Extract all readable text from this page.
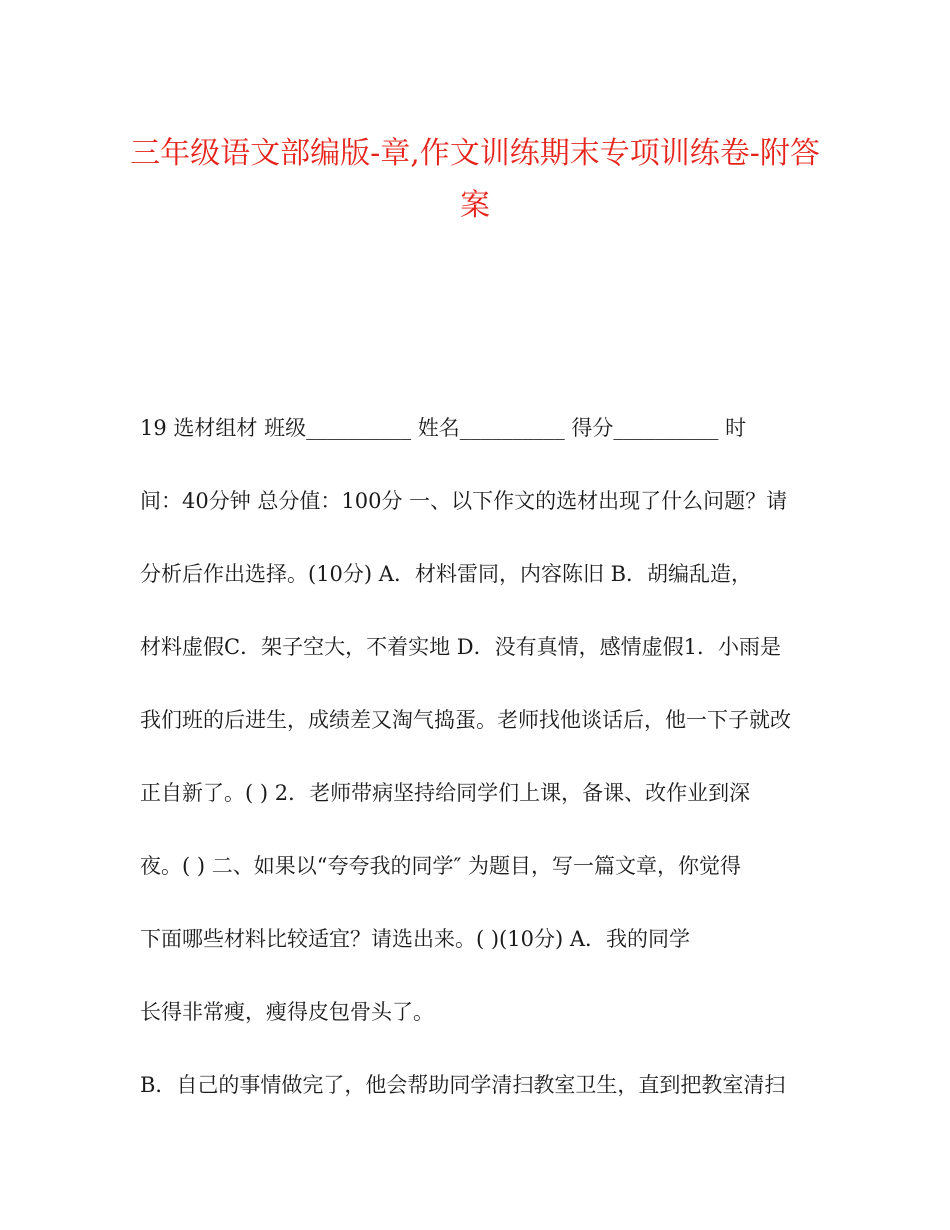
三年级语文部编版-章,作文训练期末专项训练卷-附答
案
19 选材组材 班级__________ 姓名__________ 得分__________ 时
间：40分钟 总分值：100分 一、以下作文的选材出现了什么问题？请
分析后作出选择。(10分) A．材料雷同，内容陈旧 B．胡编乱造，
材料虚假C．架子空大，不着实地 D．没有真情，感情虚假1．小雨是
我们班的后进生，成绩差又淘气捣蛋。老师找他谈话后，他一下子就改
正自新了。( ) 2．老师带病坚持给同学们上课，备课、改作业到深
夜。( ) 二、如果以“夸夸我的同学″ 为题目，写一篇文章，你觉得
下面哪些材料比较适宜？请选出来。( )(10分) A．我的同学
长得非常瘦，瘦得皮包骨头了。
B．自己的事情做完了，他会帮助同学清扫教室卫生，直到把教室清扫
